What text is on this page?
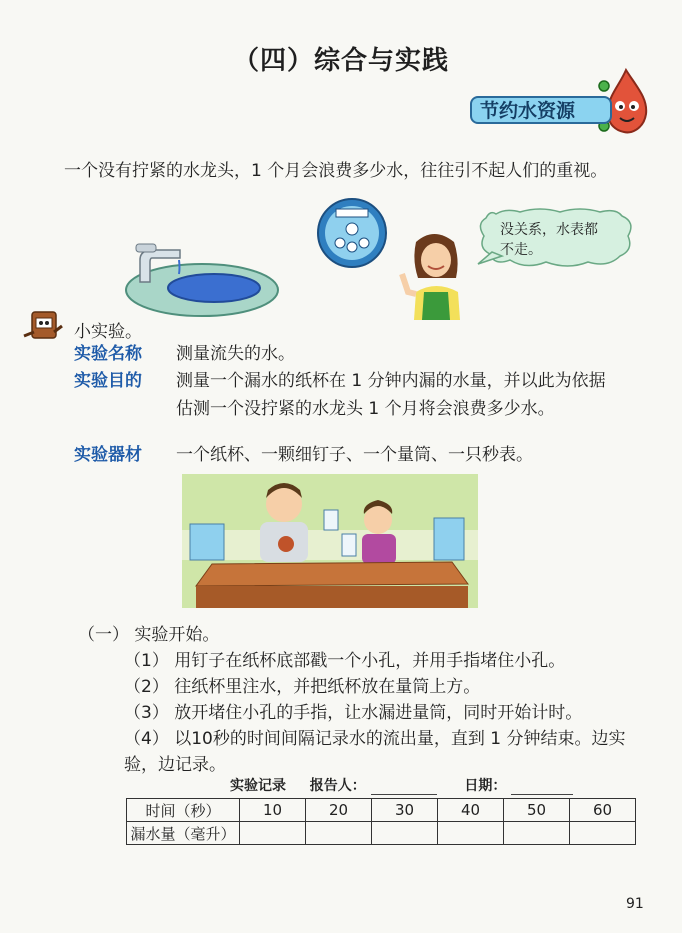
（四）综合与实践
节约水资源
一个没有拧紧的水龙头，1 个月会浪费多少水，往往引不起人们的重视。
没关系，水表都不走。
小实验。
实验名称 测量流失的水。
实验目的 测量一个漏水的纸杯在 1 分钟内漏的水量，并以此为依据估测一个没拧紧的水龙头 1 个月将会浪费多少水。
实验器材 一个纸杯、一颗细钉子、一个量筒、一只秒表。
（一） 实验开始。
（1） 用钉子在纸杯底部戳一个小孔，并用手指堵住小孔。
（2） 往纸杯里注水，并把纸杯放在量筒上方。
（3） 放开堵住小孔的手指，让水漏进量筒，同时开始计时。
（4） 以10秒的时间间隔记录水的流出量，直到 1 分钟结束。边实验，边记录。
实验记录 报告人：	日期：
时间（秒）	10	20	30	40	50	60
漏水量（毫升）						
91
